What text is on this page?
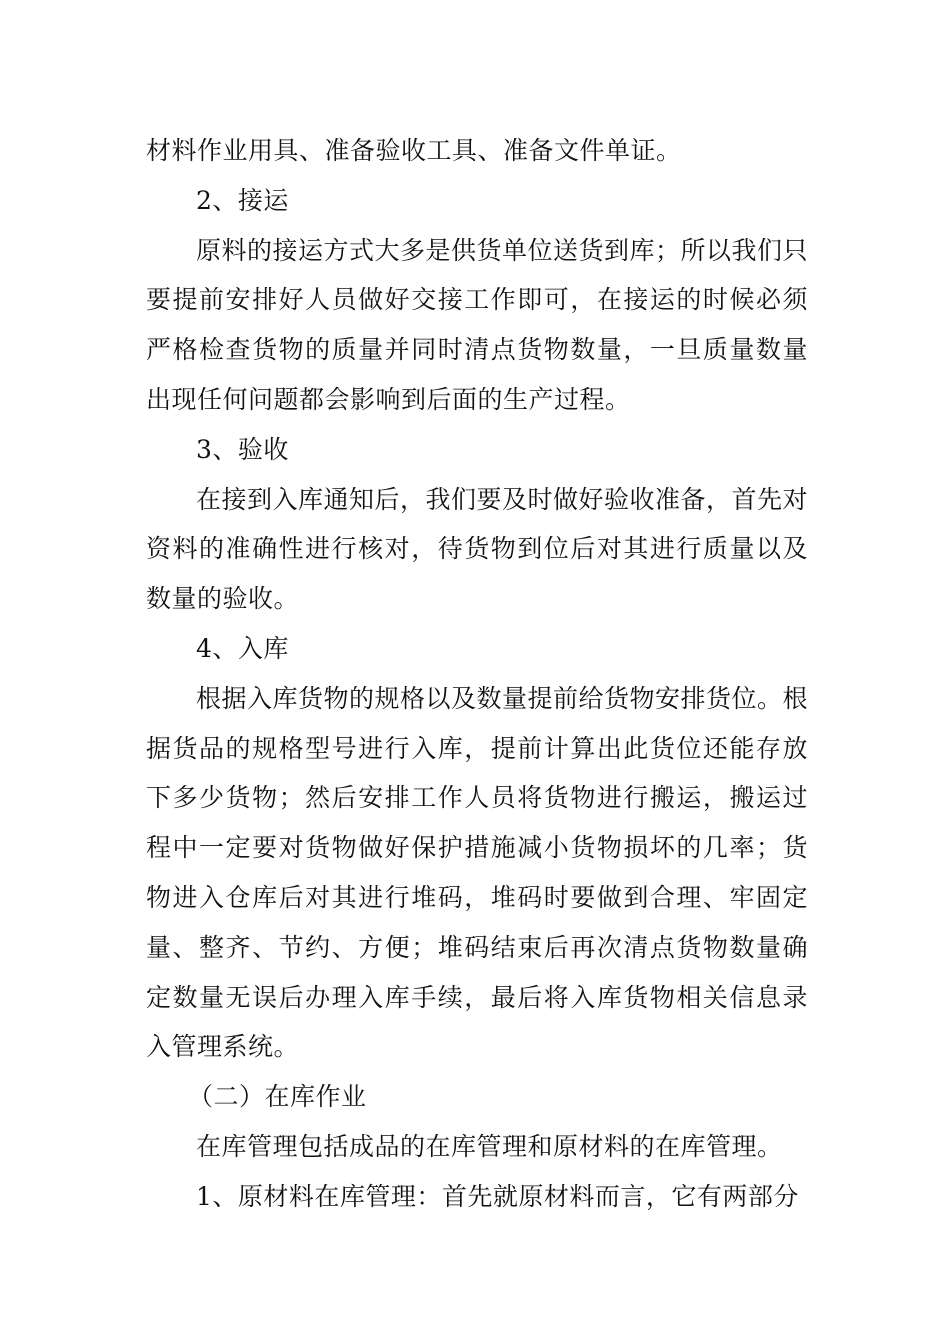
材料作业用具、准备验收工具、准备文件单证。

2、接运

原料的接运方式大多是供货单位送货到库；所以我们只要提前安排好人员做好交接工作即可，在接运的时候必须严格检查货物的质量并同时清点货物数量，一旦质量数量出现任何问题都会影响到后面的生产过程。

3、验收

在接到入库通知后，我们要及时做好验收准备，首先对资料的准确性进行核对，待货物到位后对其进行质量以及数量的验收。

4、入库

根据入库货物的规格以及数量提前给货物安排货位。根据货品的规格型号进行入库，提前计算出此货位还能存放下多少货物；然后安排工作人员将货物进行搬运，搬运过程中一定要对货物做好保护措施减小货物损坏的几率；货物进入仓库后对其进行堆码，堆码时要做到合理、牢固定量、整齐、节约、方便；堆码结束后再次清点货物数量确定数量无误后办理入库手续，最后将入库货物相关信息录入管理系统。

（二）在库作业

在库管理包括成品的在库管理和原材料的在库管理。

1、原材料在库管理：首先就原材料而言，它有两部分
